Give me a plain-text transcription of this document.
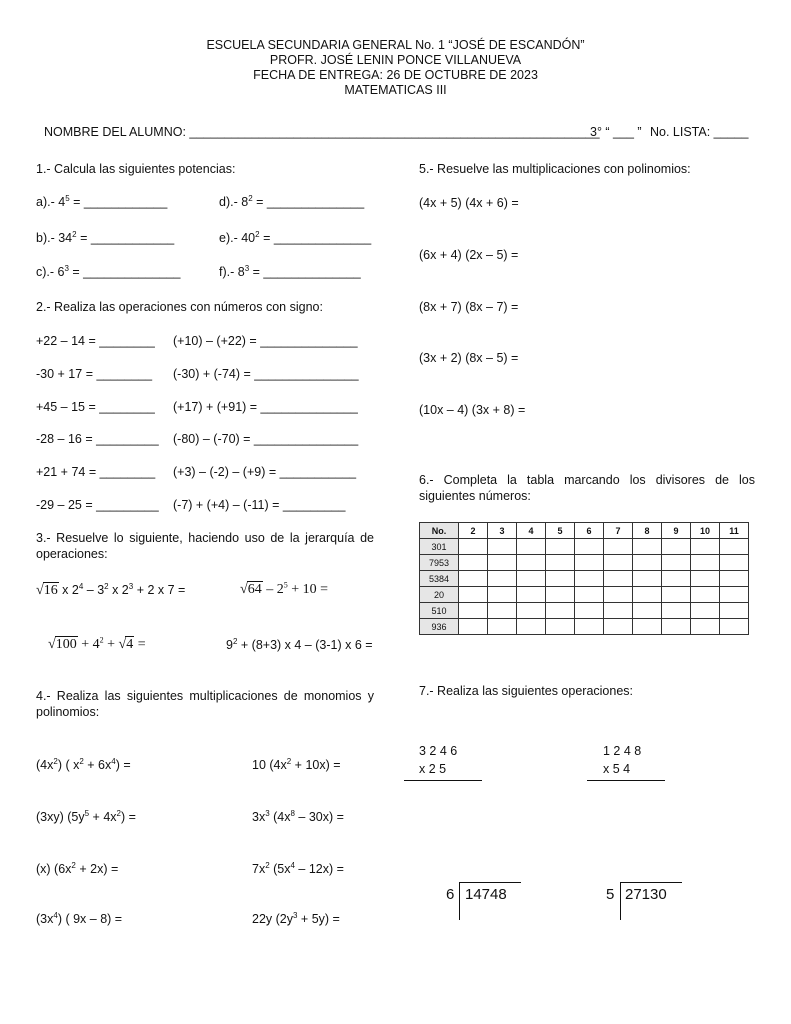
ESCUELA SECUNDARIA GENERAL No. 1 “JOSÉ DE ESCANDÓN”
PROFR. JOSÉ LENIN PONCE VILLANUEVA
FECHA DE ENTREGA: 26 DE OCTUBRE DE 2023
MATEMATICAS III
NOMBRE DEL ALUMNO: ___________________________________________________________
3° “ ___ ” No. LISTA: _____
1.- Calcula las siguientes potencias:
a).- $4^5$ = ____________	d).- $8^2$ = ______________
b).- $34^2$ = ____________	e).- $40^2$ = ______________
c).- $6^3$ = ______________	f).- $8^3$ = ______________
2.- Realiza las operaciones con números con signo:
+22 – 14 = ________ (+10) – (+22) = ______________
-30 + 17 = ________ (-30) + (-74) = _______________
+45 – 15 = ________ (+17) + (+91) = ______________
-28 – 16 = _________ (-80) – (-70) = _______________
+21 + 74 = ________ (+3) – (-2) – (+9) = ___________
-29 – 25 = _________ (-7) + (+4) – (-11) = _________
3.- Resuelve lo siguiente, haciendo uso de la jerarquía de operaciones:
√16 x $2^4 - 3^2$ x $2^3 + 2$ x 7 =	$√64 - 2^5 + 10$ =
$√100 + 4^2 + √4$ =	$9^2 + (8+3)$ x 4 – (3-1) x 6 =
4.- Realiza las siguientes multiplicaciones de monomios y polinomios:
$(4x^2)$ ( $x^2 + 6x^4$) =	10 $(4x^2 + 10x)$ =
(3xy) $(5y^5 + 4x^2)$ =	$3x^3$ $(4x^8 - 30x)$ =
(x) $(6x^2 + 2x)$ =	$7x^2$ $(5x^4 - 12x)$ =
$(3x^4)$ ( 9x – 8) =	22y $(2y^3 + 5y)$ =
5.- Resuelve las multiplicaciones con polinomios:
(4x + 5) (4x + 6) =
(6x + 4) (2x – 5) =
(8x + 7) (8x – 7) =
(3x + 2) (8x – 5) =
(10x – 4) (3x + 8) =
6.- Completa la tabla marcando los divisores de los siguientes números:
No.	2	3	4	5	6	7	8	9	10	11
301										
7953										
5384										
20										
510										
936										
7.- Realiza las siguientes operaciones:
3 2 4 6
x 2 5
1 2 4 8
x 5 4
6 14748	5 27130
